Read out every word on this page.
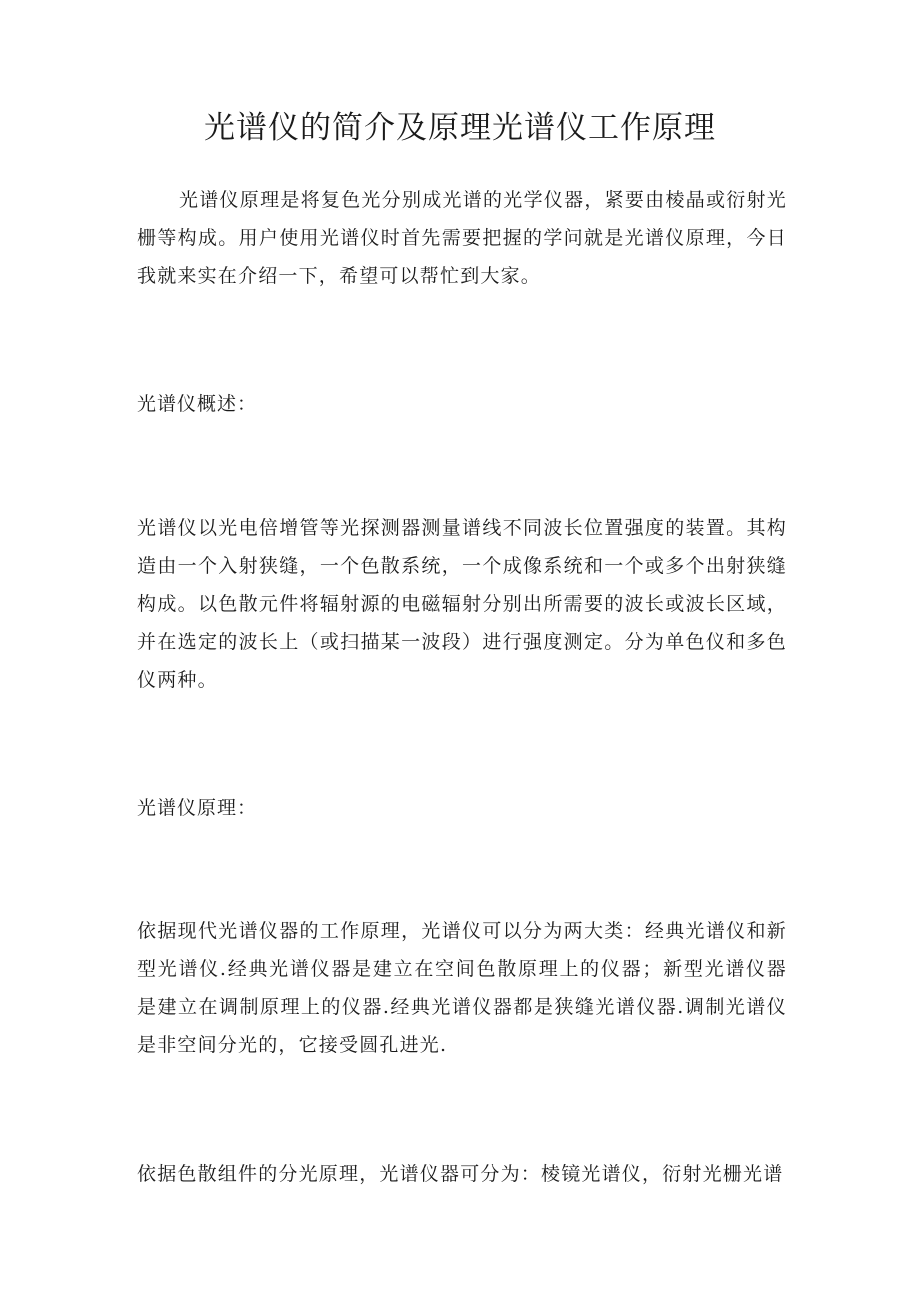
光谱仪的简介及原理光谱仪工作原理

光谱仪原理是将复色光分别成光谱的光学仪器，紧要由棱晶或衍射光栅等构成。用户使用光谱仪时首先需要把握的学问就是光谱仪原理，今日我就来实在介绍一下，希望可以帮忙到大家。

光谱仪概述：

光谱仪以光电倍增管等光探测器测量谱线不同波长位置强度的装置。其构造由一个入射狭缝，一个色散系统，一个成像系统和一个或多个出射狭缝构成。以色散元件将辐射源的电磁辐射分别出所需要的波长或波长区域，并在选定的波长上（或扫描某一波段）进行强度测定。分为单色仪和多色仪两种。

光谱仪原理：

依据现代光谱仪器的工作原理，光谱仪可以分为两大类：经典光谱仪和新型光谱仪.经典光谱仪器是建立在空间色散原理上的仪器；新型光谱仪器是建立在调制原理上的仪器.经典光谱仪器都是狭缝光谱仪器.调制光谱仪是非空间分光的，它接受圆孔进光.

依据色散组件的分光原理，光谱仪器可分为：棱镜光谱仪，衍射光栅光谱
